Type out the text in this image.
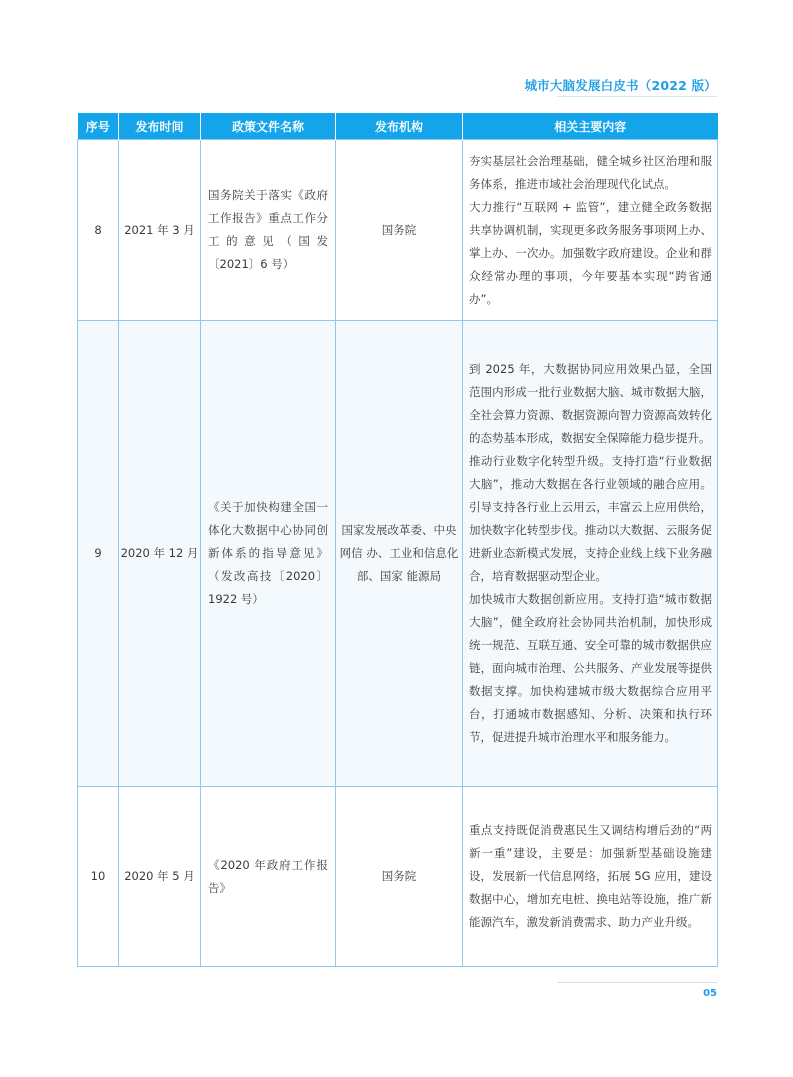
城市大脑发展白皮书（2022 版）
序号	发布时间	政策文件名称	发布机构	相关主要内容
8	2021 年 3 月	国务院关于落实《政府工作报告》重点工作分工的意见（国发〔2021〕6 号）	国务院	夯实基层社会治理基础，健全城乡社区治理和服务体系，推进市域社会治理现代化试点。
大力推行“互联网 + 监管”，建立健全政务数据共享协调机制，实现更多政务服务事项网上办、掌上办、一次办。加强数字政府建设。企业和群众经常办理的事项，今年要基本实现“跨省通办”。

9	2020 年 12 月	《关于加快构建全国一体化大数据中心协同创新体系的指导意见》（发改高技〔2020〕1922 号）	国家发展改革委、中央网信 办、工业和信息化部、国家 能源局	到 2025 年，大数据协同应用效果凸显，全国范围内形成一批行业数据大脑、城市数据大脑，全社会算力资源、数据资源向智力资源高效转化的态势基本形成，数据安全保障能力稳步提升。
推动行业数字化转型升级。支持打造“行业数据大脑”，推动大数据在各行业领域的融合应用。引导支持各行业上云用云，丰富云上应用供给，加快数字化转型步伐。推动以大数据、云服务促进新业态新模式发展，支持企业线上线下业务融合，培育数据驱动型企业。
加快城市大数据创新应用。支持打造“城市数据大脑”，健全政府社会协同共治机制，加快形成统一规范、互联互通、安全可靠的城市数据供应链，面向城市治理、公共服务、产业发展等提供数据支撑。加快构建城市级大数据综合应用平台，打通城市数据感知、分析、决策和执行环节，促进提升城市治理水平和服务能力。

10	2020 年 5 月	《2020 年政府工作报告》	国务院	重点支持既促消费惠民生又调结构增后劲的“两新一重”建设，主要是：加强新型基础设施建设，发展新一代信息网络，拓展 5G 应用，建设数据中心，增加充电桩、换电站等设施，推广新能源汽车，激发新消费需求、助力产业升级。
05
